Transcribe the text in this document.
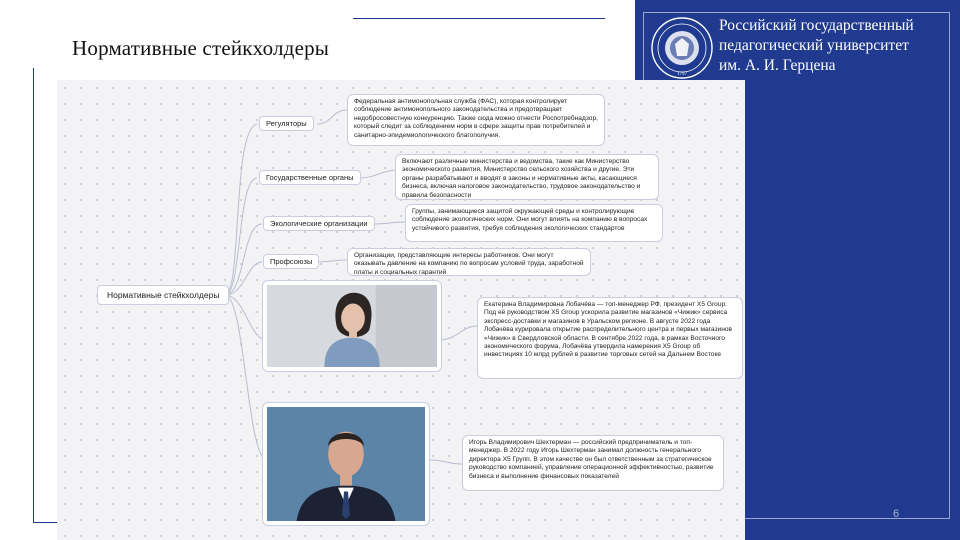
Нормативные стейкхолдеры
1797
Российский государственный
педагогический университет
им. А. И. Герцена
6
Нормативные стейкхолдеры
Регуляторы
Государственные органы
Экологические организации
Профсоюзы
Федеральная антимонопольная служба (ФАС), которая контролирует соблюдение антимонопольного законодательства и предотвращает недобросовестную конкуренцию. Также сюда можно отнести Роспотребнадзор, который следит за соблюдением норм в сфере защиты прав потребителей и санитарно-эпидемиологического благополучия.
Включают различные министерства и ведомства, такие как Министерство экономического развития, Министерство сельского хозяйства и другие. Эти органы разрабатывают и вводят в законы и нормативные акты, касающиеся бизнеса, включая налоговое законодательство, трудовое законодательство и правила безопасности
Группы, занимающиеся защитой окружающей среды и контролирующие соблюдение экологических норм. Они могут влиять на компанию в вопросах устойчивого развития, требуя соблюдения экологических стандартов
Организации, представляющие интересы работников. Они могут оказывать давление на компанию по вопросам условий труда, заработной платы и социальных гарантий
Екатерина Владимировна Лобачёва — топ-менеджер РФ, президент X5 Group. Под её руководством X5 Group ускорила развитие магазинов «Чижик» сервиса экспресс-доставки и магазинов в Уральском регионе. В августе 2022 года Лобачёва курировала открытие распределительного центра и первых магазинов «Чижик» в Свердловской области. В сентябре 2022 года, в рамках Восточного экономического форума, Лобачёва утвердила намерения X5 Group об инвестициях 10 млрд рублей в развитие торговых сетей на Дальнем Востоке
Игорь Владимирович Шехтерман — российский предприниматель и топ-менеджер. В 2022 году Игорь Шехтерман занимал должность генерального директора X5 Групп. В этом качестве он был ответственным за стратегическое руководство компанией, управление операционной эффективностью, развитие бизнеса и выполнение финансовых показателей
